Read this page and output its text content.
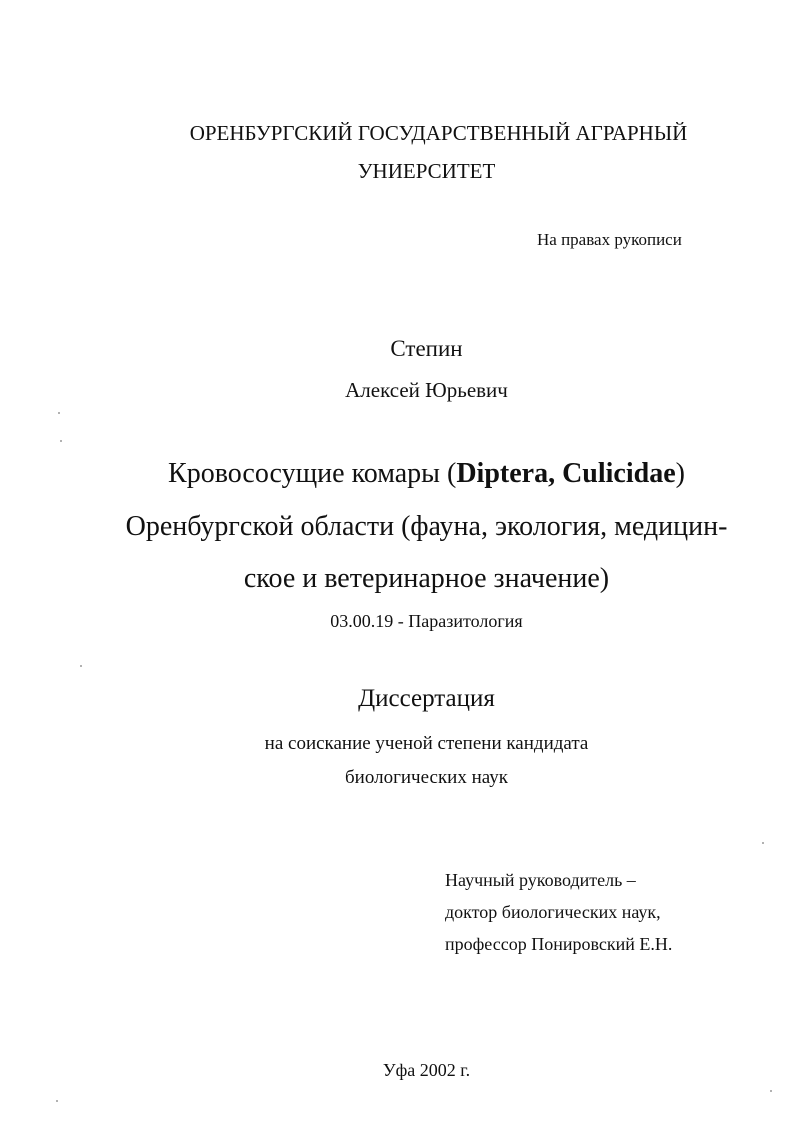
ОРЕНБУРГСКИЙ ГОСУДАРСТВЕННЫЙ АГРАРНЫЙ
УНИЕРСИТЕТ
На правах рукописи
Степин
Алексей Юрьевич
Кровососущие комары (Diptera, Culicidae)
Оренбургской области (фауна, экология, медицин-
ское и ветеринарное значение)
03.00.19 - Паразитология
Диссертация
на соискание ученой степени кандидата
биологических наук
Научный руководитель –
доктор биологических наук,
профессор Понировский Е.Н.
Уфа 2002 г.
